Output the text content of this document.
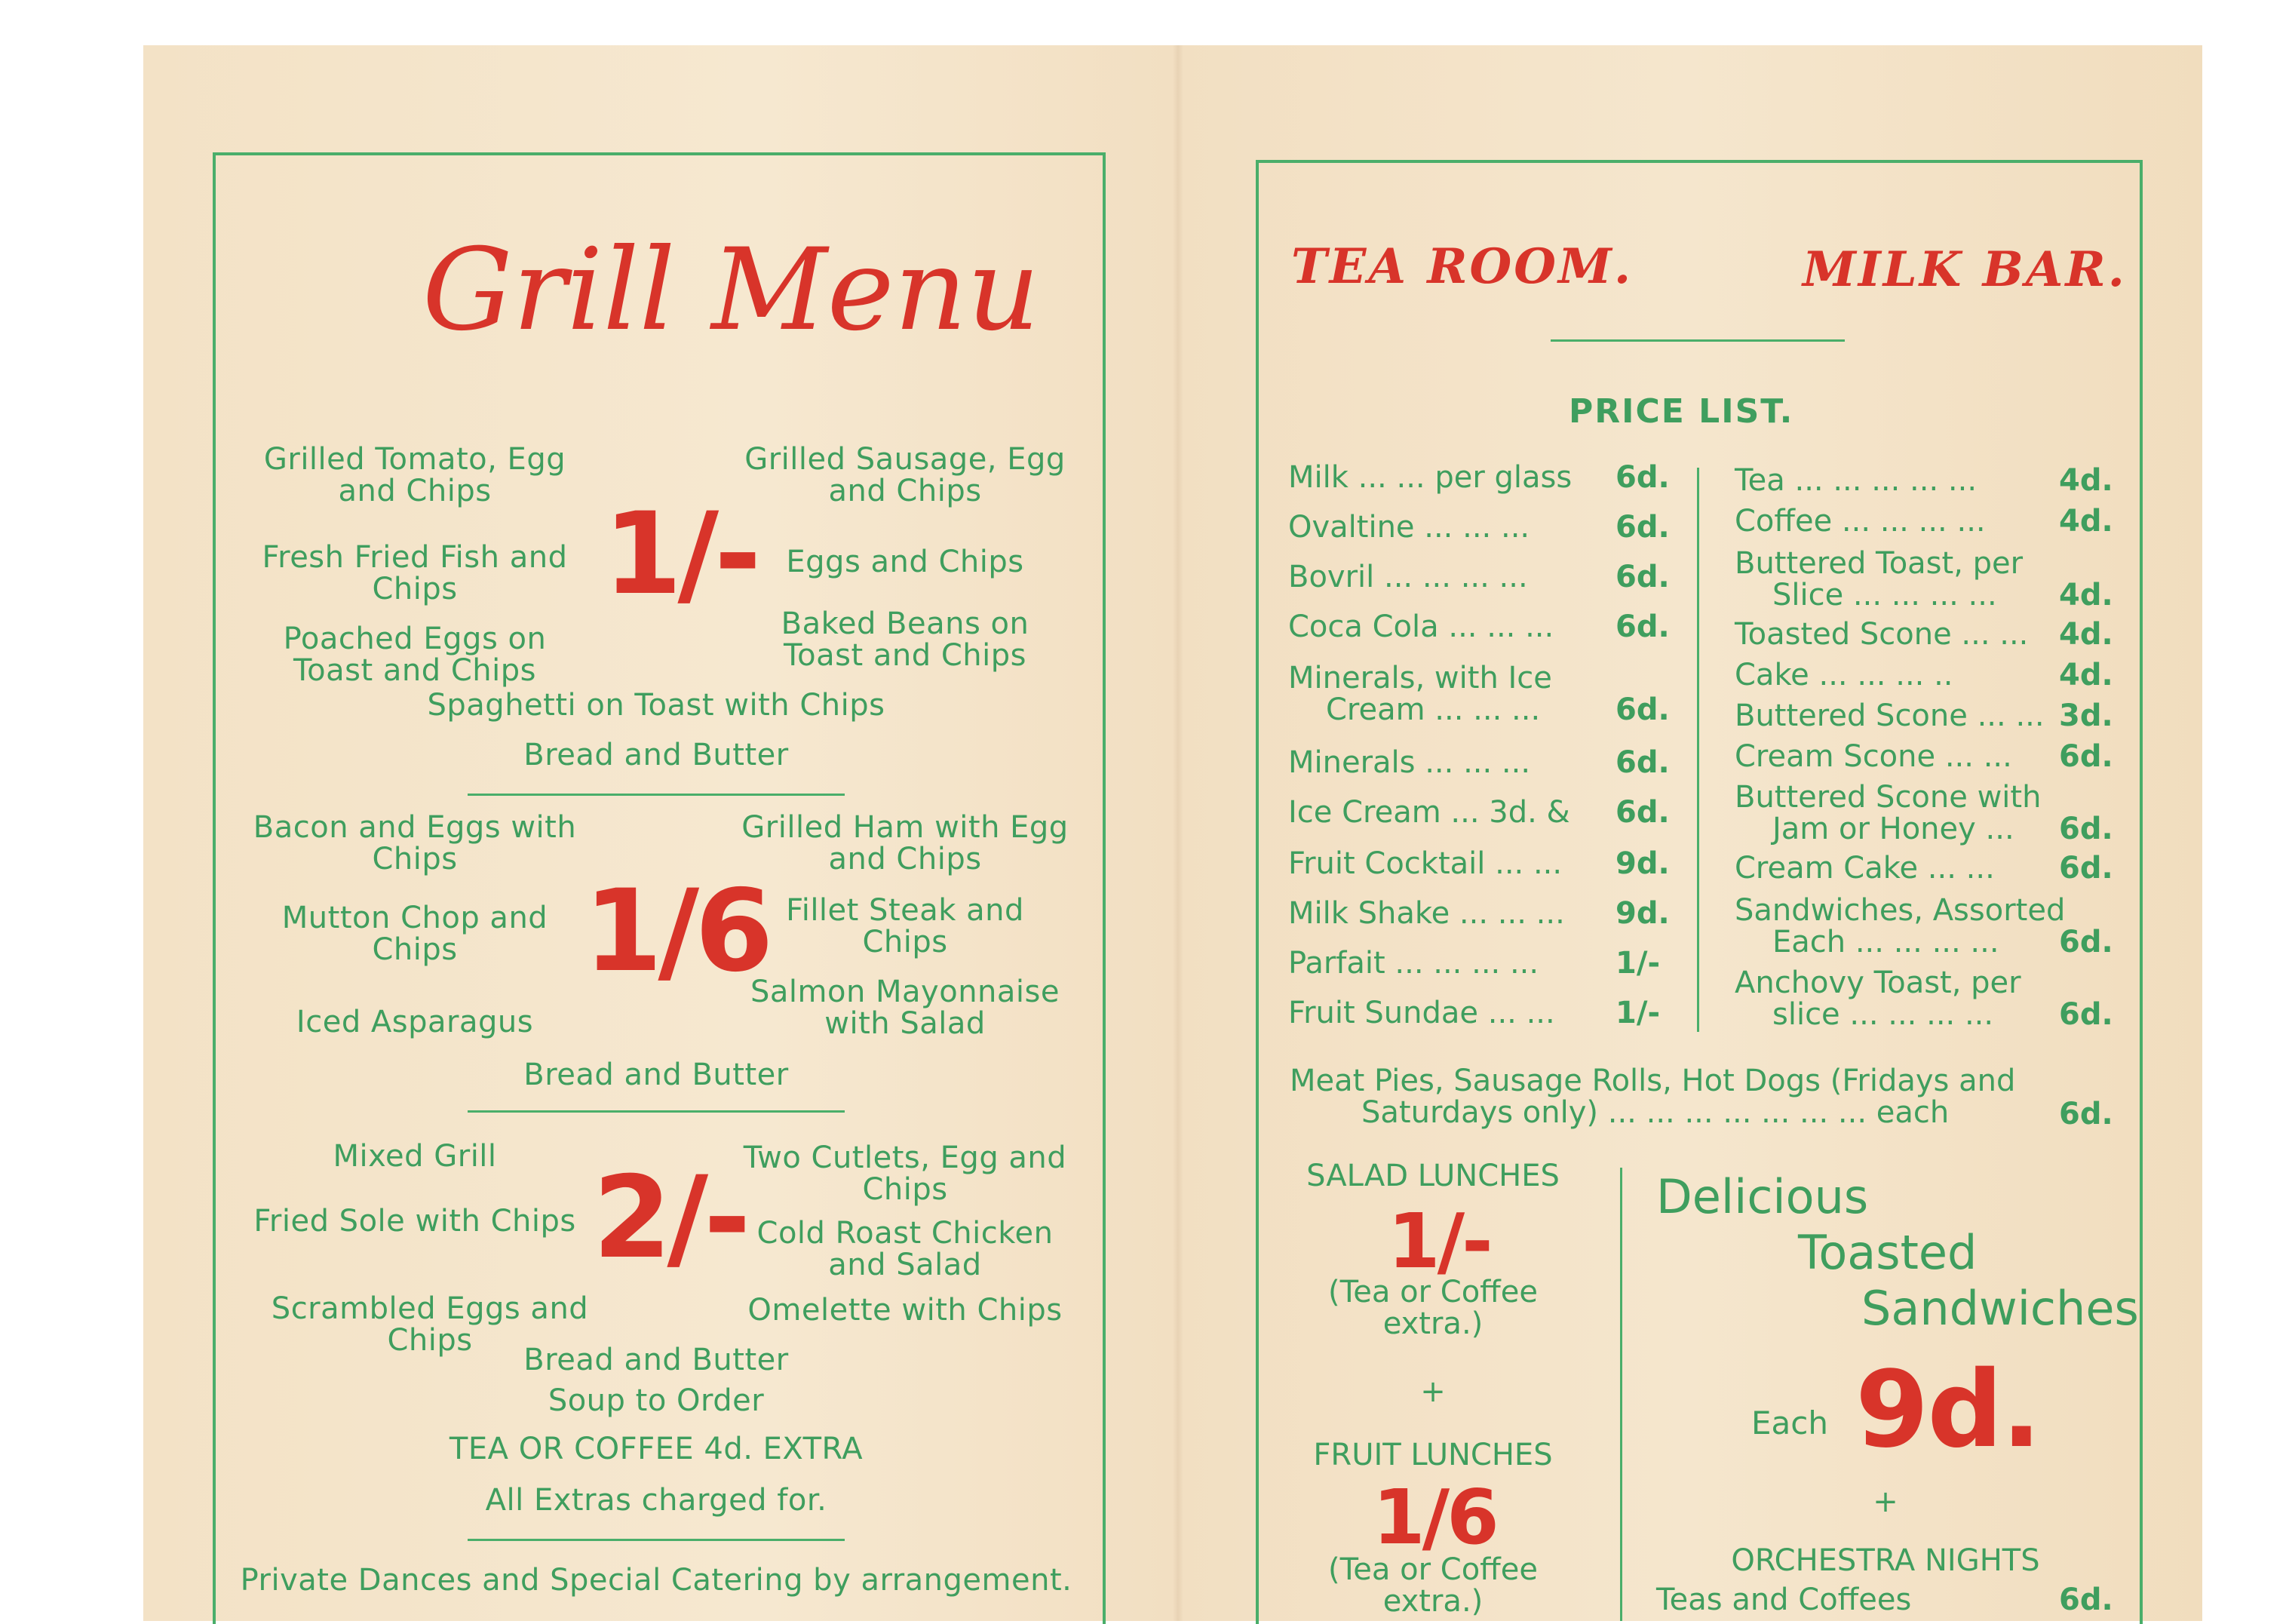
Grill Menu
Grilled Tomato, Egg and Chips
Fresh Fried Fish and Chips
Poached Eggs on Toast and Chips
1/-
Grilled Sausage, Egg and Chips
Eggs and Chips
Baked Beans on Toast and Chips
Spaghetti on Toast with Chips
Bread and Butter
Bacon and Eggs with Chips
Mutton Chop and Chips
Iced Asparagus
1/6
Grilled Ham with Egg and Chips
Fillet Steak and Chips
Salmon Mayonnaise with Salad
Bread and Butter
Mixed Grill
Fried Sole with Chips
Scrambled Eggs and Chips
2/-
Two Cutlets, Egg and Chips
Cold Roast Chicken and Salad
Omelette with Chips
Bread and Butter
Soup to Order
TEA OR COFFEE 4d. EXTRA
All Extras charged for.
Private Dances and Special Catering by arrangement.
TEA ROOM.	MILK BAR.
PRICE LIST.
Milk ... ... per glass 6d.
Ovaltine ... ... ...	6d.
Bovril ... ... ... ...	6d.
Coca Cola ... ... ... 6d.
Minerals, with Ice
Cream ... ... ... 6d.
Minerals ... ... ...	6d.
Ice Cream ... 3d. & 6d.
Fruit Cocktail ... ... 9d.
Milk Shake ... ... ... 9d.
Parfait ... ... ... ...	1/-
Fruit Sundae ... ... 1/-
Tea ... ... ... ... ...	4d.
Coffee ... ... ... ... 4d.
Buttered Toast, per
Slice ... ... ... ... 4d.
Toasted Scone ... ... 4d.
Cake ... ... ... ..	4d.
Buttered Scone ... ... 3d.
Cream Scone ... ... 6d.
Buttered Scone with
Jam or Honey ... 6d.
Cream Cake ... ... 6d.
Sandwiches, Assorted
Each ... ... ... ... 6d.
Anchovy Toast, per
slice ... ... ... ... 6d.
Meat Pies, Sausage Rolls, Hot Dogs (Fridays and
Saturdays only) ... ... ... ... ... ... ... each	6d.
SALAD LUNCHES
1/-
(Tea or Coffee
extra.)
+
FRUIT LUNCHES
1/6
(Tea or Coffee
extra.)
Delicious
Toasted
Sandwiches
Each 9d.
+
ORCHESTRA NIGHTS
Teas and Coffees	6d.
